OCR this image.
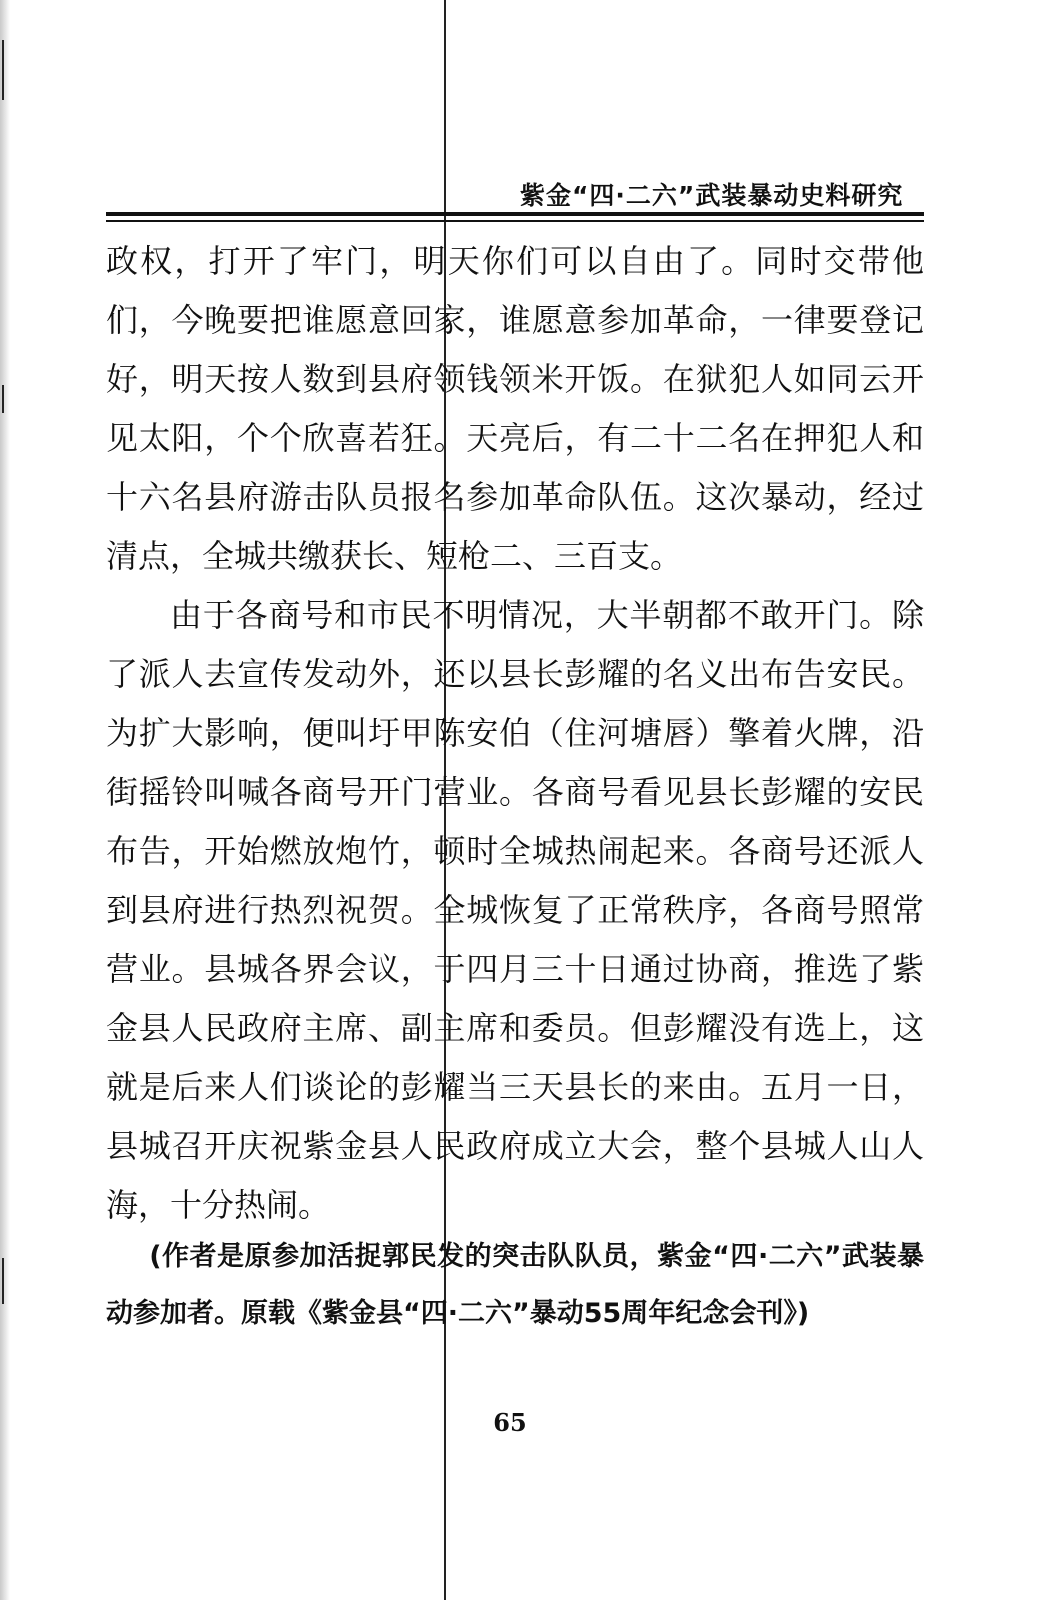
紫金“四·二六”武装暴动史料研究

政权，打开了牢门，明天你们可以自由了。同时交带他们，今晚要把谁愿意回家，谁愿意参加革命，一律要登记好，明天按人数到县府领钱领米开饭。在狱犯人如同云开见太阳，个个欣喜若狂。天亮后，有二十二名在押犯人和十六名县府游击队员报名参加革命队伍。这次暴动，经过清点，全城共缴获长、短枪二、三百支。

由于各商号和市民不明情况，大半朝都不敢开门。除了派人去宣传发动外，还以县长彭耀的名义出布告安民。为扩大影响，便叫圩甲陈安伯（住河塘唇）擎着火牌，沿街摇铃叫喊各商号开门营业。各商号看见县长彭耀的安民布告，开始燃放炮竹，顿时全城热闹起来。各商号还派人到县府进行热烈祝贺。全城恢复了正常秩序，各商号照常营业。县城各界会议，于四月三十日通过协商，推选了紫金县人民政府主席、副主席和委员。但彭耀没有选上，这就是后来人们谈论的彭耀当三天县长的来由。五月一日，县城召开庆祝紫金县人民政府成立大会，整个县城人山人海，十分热闹。

(作者是原参加活捉郭民发的突击队队员，紫金“四·二六”武装暴动参加者。原载《紫金县“四·二六”暴动55周年纪念会刊》)

65
